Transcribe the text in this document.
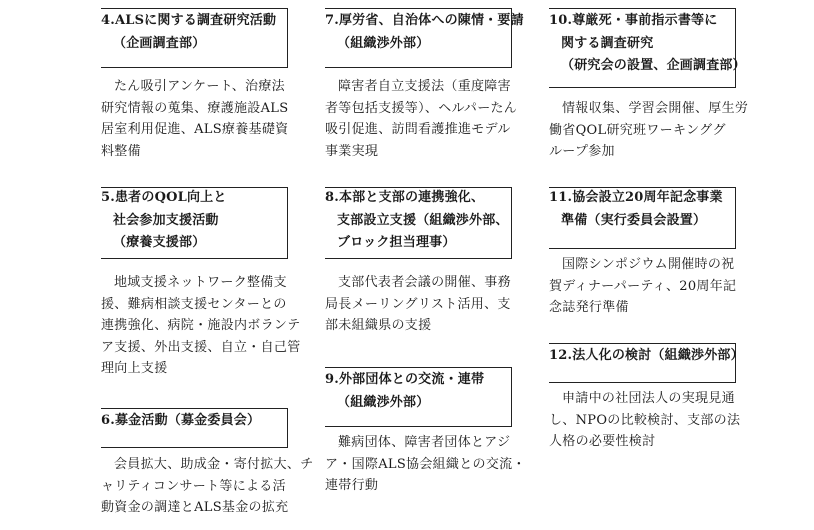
4.ALSに関する調査研究活動
（企画調査部）
たん吸引アンケート、治療法
研究情報の蒐集、療護施設ALS
居室利用促進、ALS療養基礎資
料整備
5.患者のQOL向上と
社会参加支援活動
（療養支援部）
地域支援ネットワーク整備支
援、難病相談支援センターとの
連携強化、病院・施設内ボランテ
ア支援、外出支援、自立・自己管
理向上支援
6.募金活動（募金委員会）
会員拡大、助成金・寄付拡大、チ
ャリティコンサート等による活
動資金の調達とALS基金の拡充
7.厚労省、自治体への陳情・要請
（組織渉外部）
障害者自立支援法（重度障害
者等包括支援等）、ヘルパーたん
吸引促進、訪問看護推進モデル
事業実現
8.本部と支部の連携強化、
支部設立支援（組織渉外部、
ブロック担当理事）
支部代表者会議の開催、事務
局長メーリングリスト活用、支
部未組織県の支援
9.外部団体との交流・連帯
（組織渉外部）
難病団体、障害者団体とアジ
ア・国際ALS協会組織との交流・
連帯行動
10.尊厳死・事前指示書等に
関する調査研究
（研究会の設置、企画調査部）
情報収集、学習会開催、厚生労
働省QOL研究班ワーキンググ
ループ参加
11.協会設立20周年記念事業
準備（実行委員会設置）
国際シンポジウム開催時の祝
賀ディナーパーティ、20周年記
念誌発行準備
12.法人化の検討（組織渉外部）
申請中の社団法人の実現見通
し、NPOの比較検討、支部の法
人格の必要性検討
